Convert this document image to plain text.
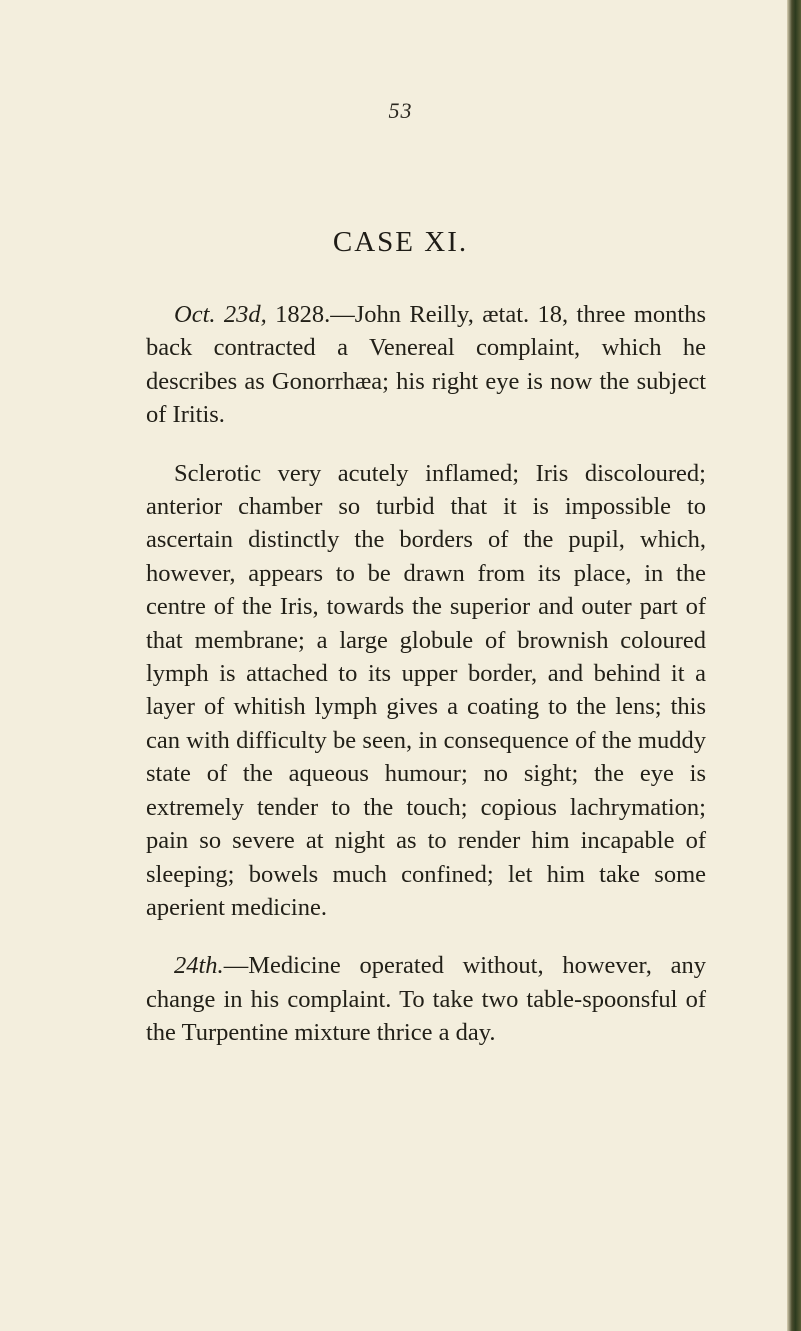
53
CASE XI.

Oct. 23d, 1828.—John Reilly, ætat. 18, three months back contracted a Venereal complaint, which he describes as Gonorrhæa; his right eye is now the subject of Iritis.

Sclerotic very acutely inflamed; Iris discoloured; anterior chamber so turbid that it is impossible to ascertain distinctly the borders of the pupil, which, however, appears to be drawn from its place, in the centre of the Iris, towards the superior and outer part of that membrane; a large globule of brownish coloured lymph is attached to its upper border, and behind it a layer of whitish lymph gives a coating to the lens; this can with difficulty be seen, in consequence of the muddy state of the aqueous humour; no sight; the eye is extremely tender to the touch; copious lachrymation; pain so severe at night as to render him incapable of sleeping; bowels much confined; let him take some aperient medicine.

24th.—Medicine operated without, however, any change in his complaint. To take two table-spoonsful of the Turpentine mixture thrice a day.
